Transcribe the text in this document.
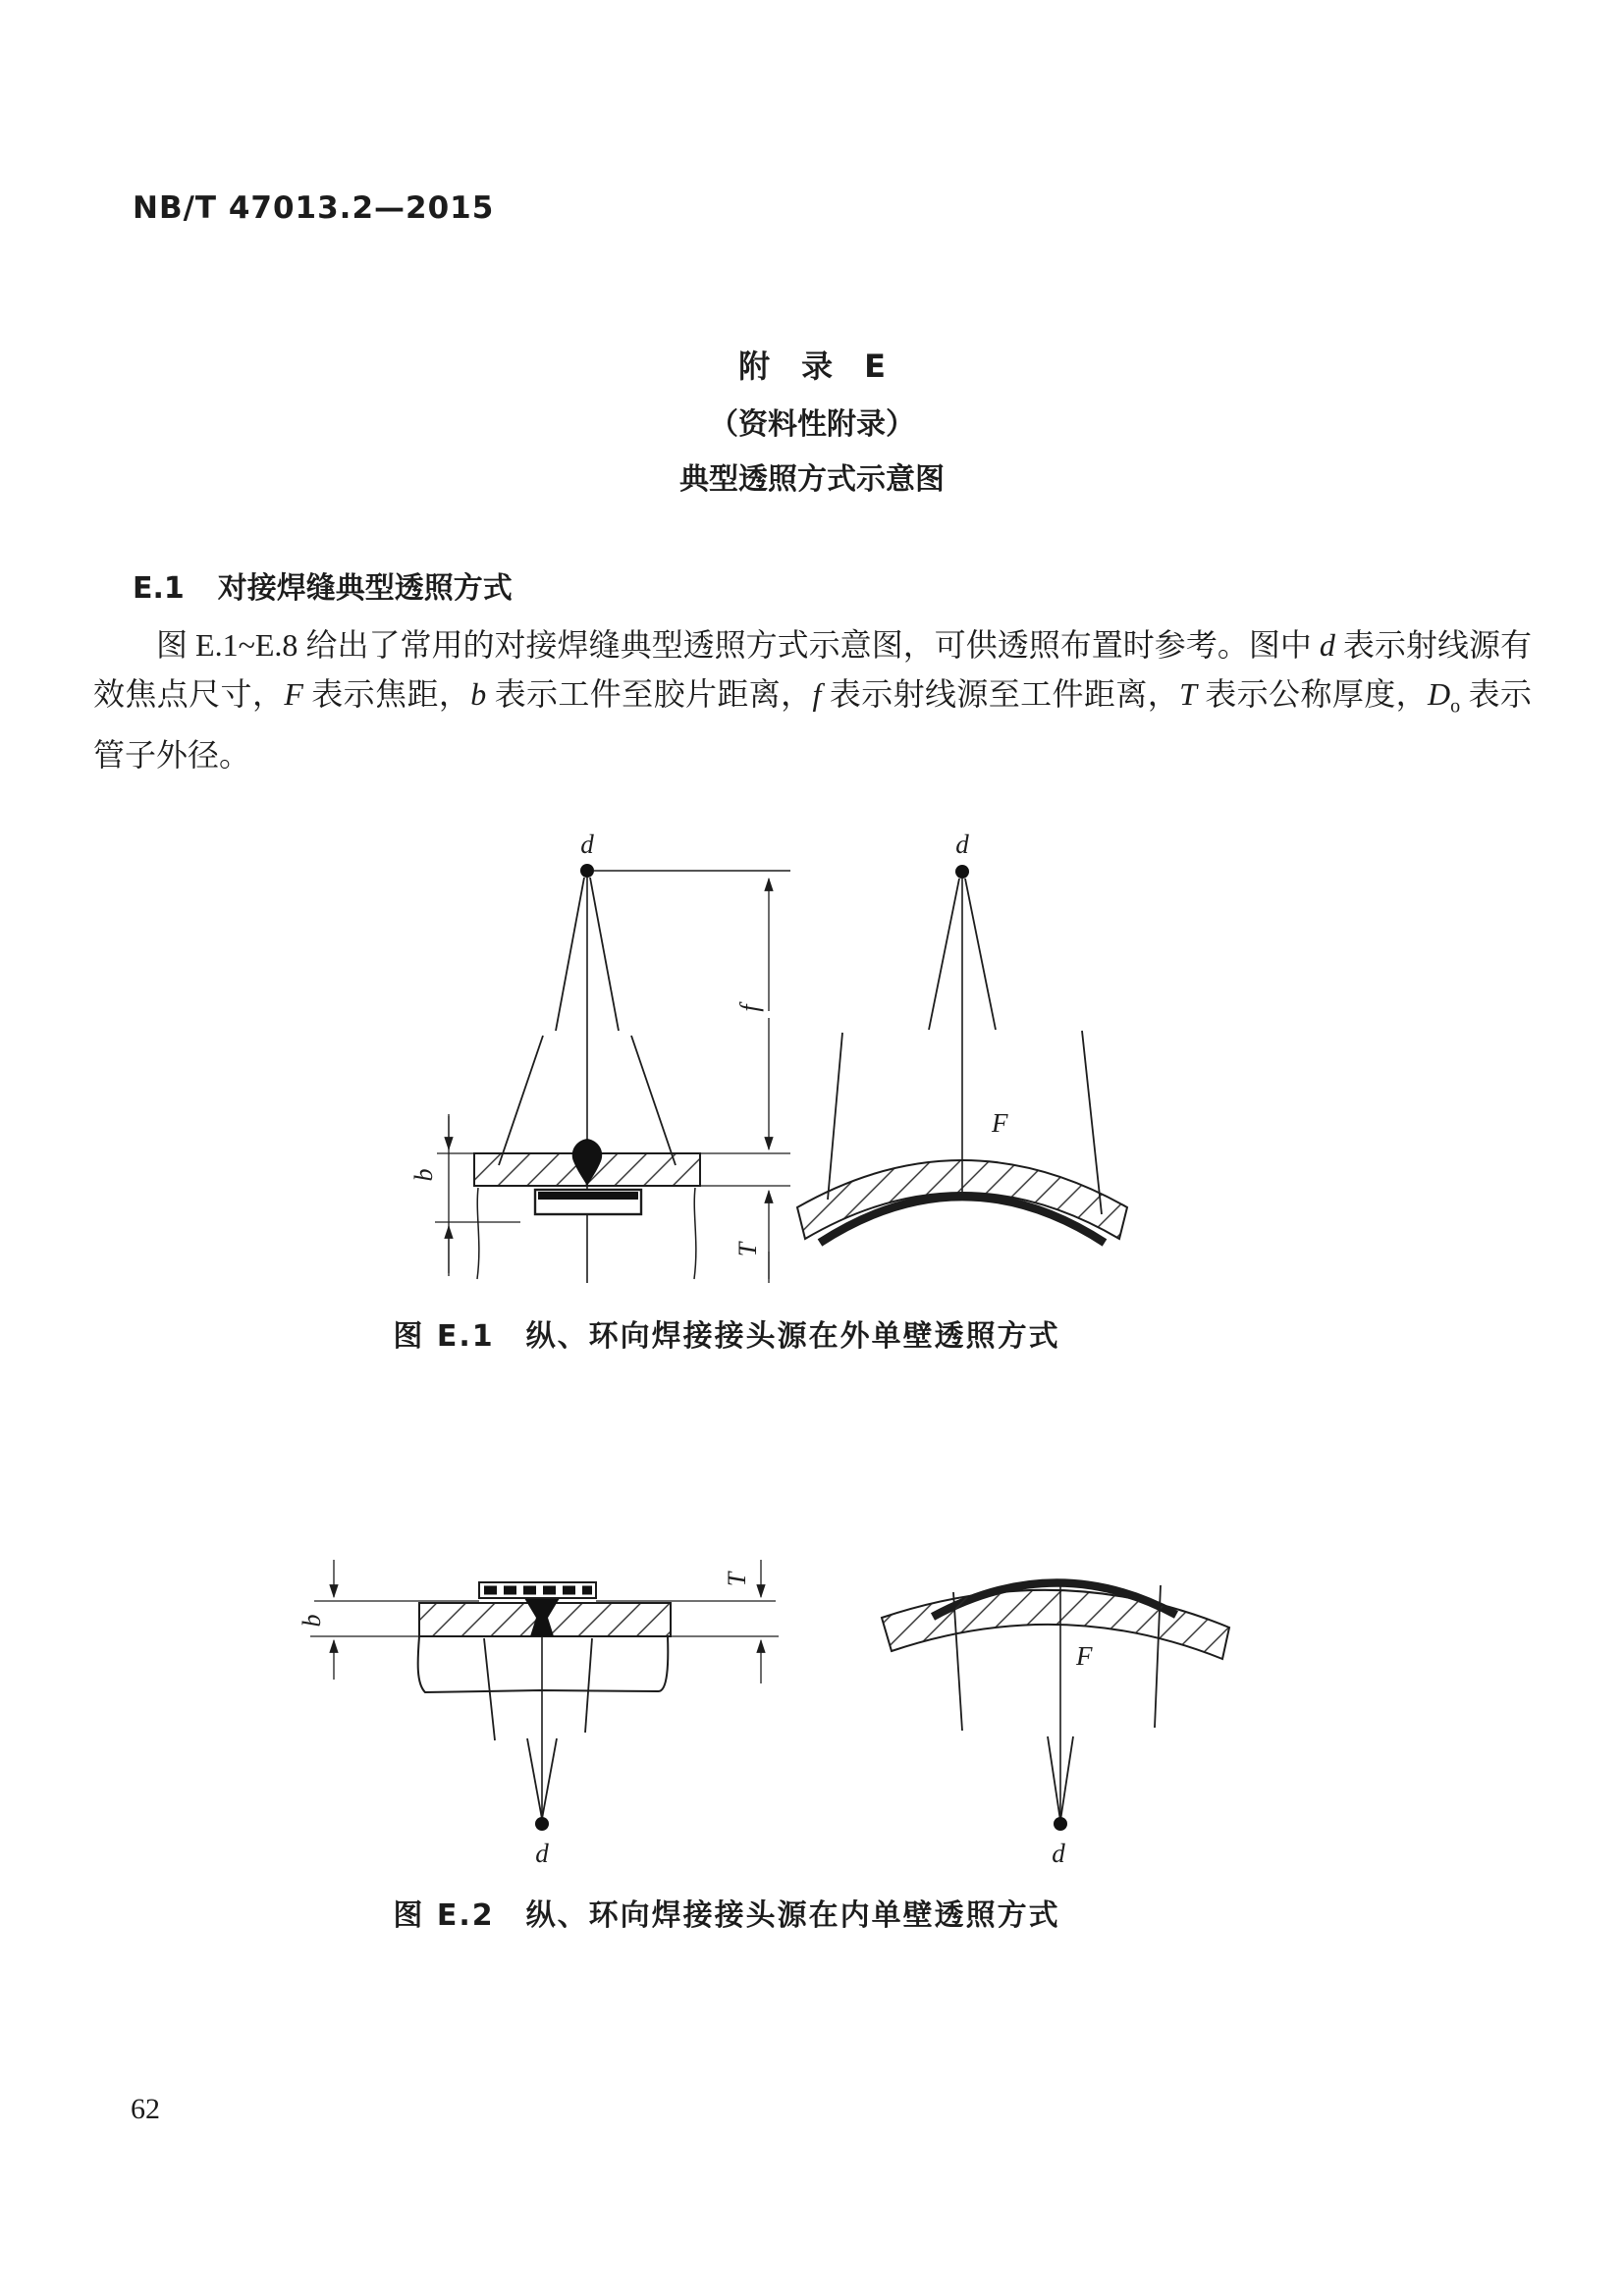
NB/T 47013.2—2015
附　录　E
（资料性附录）
典型透照方式示意图
E.1 对接焊缝典型透照方式
图 E.1~E.8 给出了常用的对接焊缝典型透照方式示意图，可供透照布置时参考。图中 d 表示射线源有效焦点尺寸，F 表示焦距，b 表示工件至胶片距离，f 表示射线源至工件距离，T 表示公称厚度，$D_o$ 表示管子外径。
d	d
f
b
T
F
图 E.1　纵、环向焊接接头源在外单壁透照方式
b
T
d
F
d
图 E.2　纵、环向焊接接头源在内单壁透照方式
62
